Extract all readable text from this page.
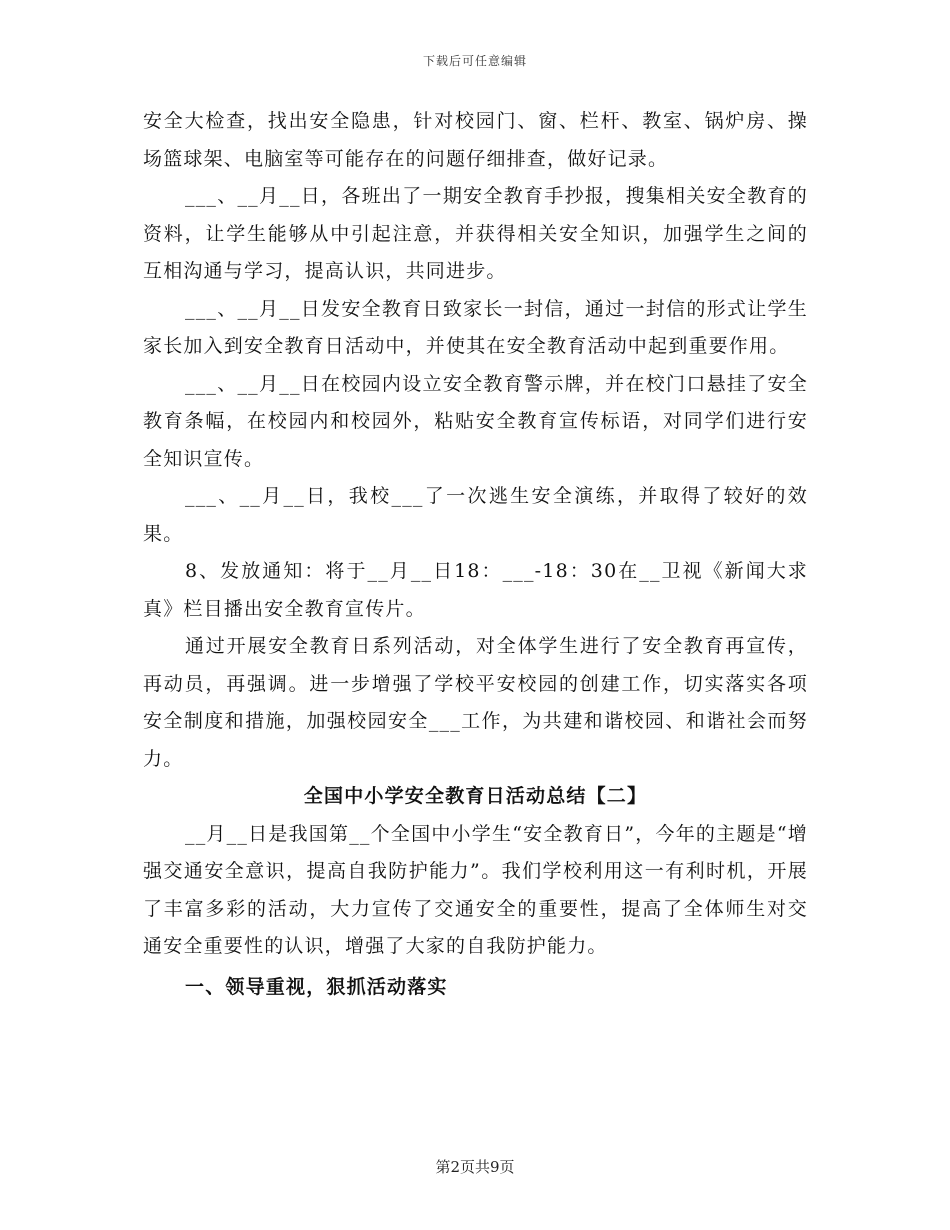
下载后可任意编辑

安全大检查，找出安全隐患，针对校园门、窗、栏杆、教室、锅炉房、操场篮球架、电脑室等可能存在的问题仔细排查，做好记录。

___、__月__日，各班出了一期安全教育手抄报，搜集相关安全教育的资料，让学生能够从中引起注意，并获得相关安全知识，加强学生之间的互相沟通与学习，提高认识，共同进步。

___、__月__日发安全教育日致家长一封信，通过一封信的形式让学生家长加入到安全教育日活动中，并使其在安全教育活动中起到重要作用。

___、__月__日在校园内设立安全教育警示牌，并在校门口悬挂了安全教育条幅，在校园内和校园外，粘贴安全教育宣传标语，对同学们进行安全知识宣传。

___、__月__日，我校___了一次逃生安全演练，并取得了较好的效果。

8、发放通知：将于__月__日18：___-18：30在__卫视《新闻大求真》栏目播出安全教育宣传片。

通过开展安全教育日系列活动，对全体学生进行了安全教育再宣传，再动员，再强调。进一步增强了学校平安校园的创建工作，切实落实各项安全制度和措施，加强校园安全___工作，为共建和谐校园、和谐社会而努力。

全国中小学安全教育日活动总结【二】

__月__日是我国第__个全国中小学生“安全教育日”，今年的主题是“增强交通安全意识，提高自我防护能力”。我们学校利用这一有利时机，开展了丰富多彩的活动，大力宣传了交通安全的重要性，提高了全体师生对交通安全重要性的认识，增强了大家的自我防护能力。

一、领导重视，狠抓活动落实

第2页共9页
